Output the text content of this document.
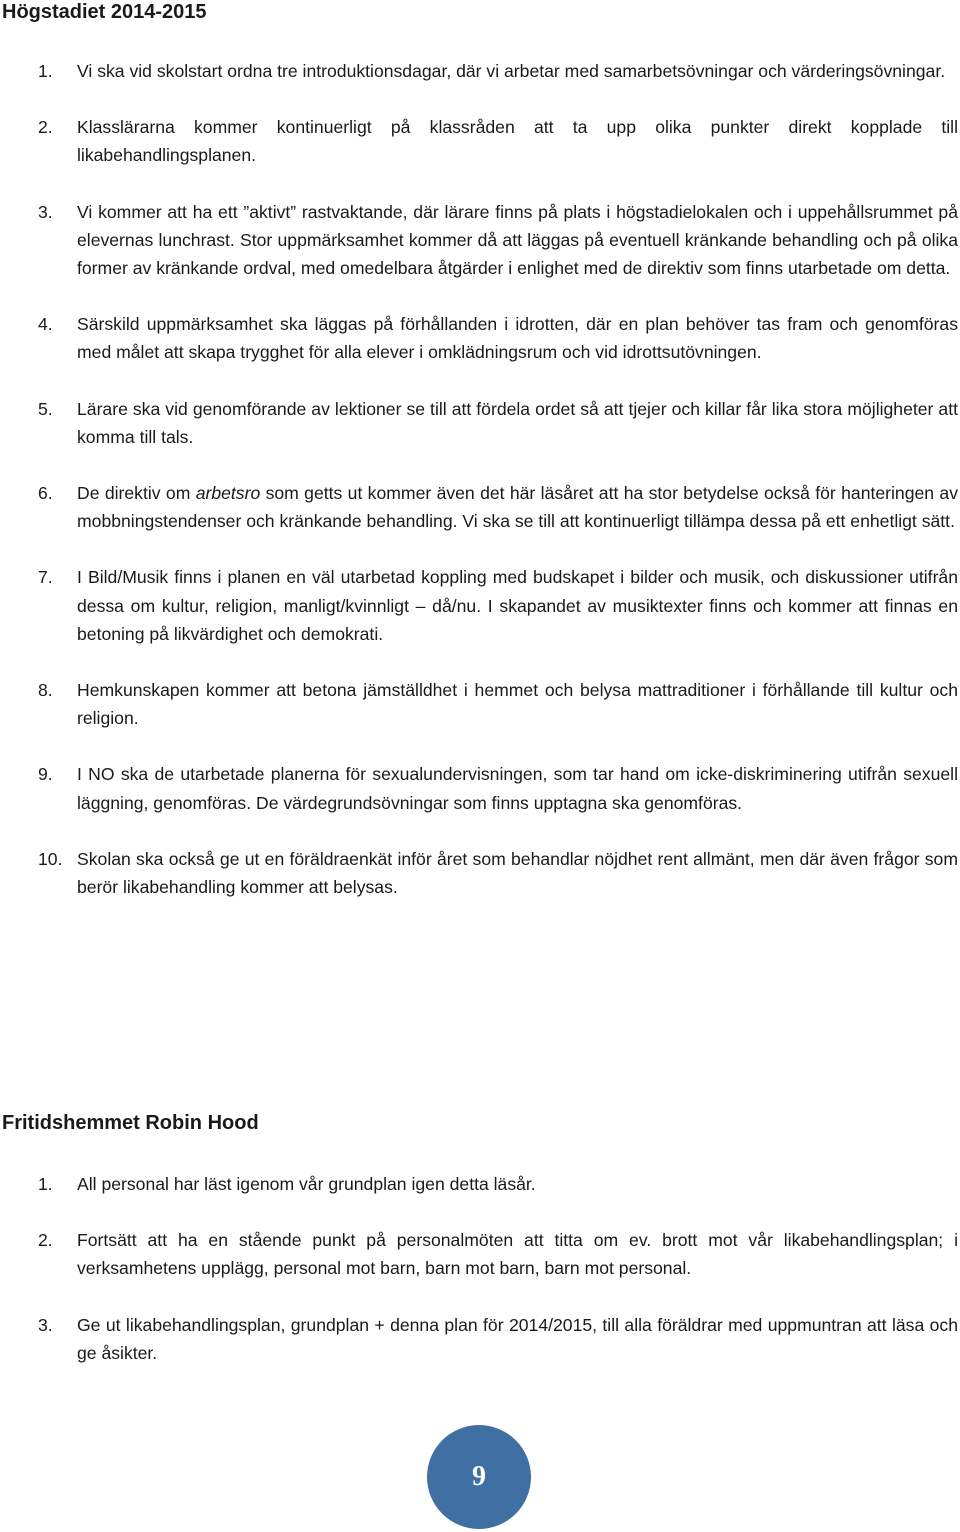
Högstadiet 2014-2015
1. Vi ska vid skolstart ordna tre introduktionsdagar, där vi arbetar med samarbetsövningar och värderingsövningar.
2. Klasslärarna kommer kontinuerligt på klassråden att ta upp olika punkter direkt kopplade till likabehandlingsplanen.
3. Vi kommer att ha ett ”aktivt” rastvaktande, där lärare finns på plats i högstadielokalen och i uppehållsrummet på elevernas lunchrast. Stor uppmärksamhet kommer då att läggas på eventuell kränkande behandling och på olika former av kränkande ordval, med omedelbara åtgärder i enlighet med de direktiv som finns utarbetade om detta.
4. Särskild uppmärksamhet ska läggas på förhållanden i idrotten, där en plan behöver tas fram och genomföras med målet att skapa trygghet för alla elever i omklädningsrum och vid idrottsutövningen.
5. Lärare ska vid genomförande av lektioner se till att fördela ordet så att tjejer och killar får lika stora möjligheter att komma till tals.
6. De direktiv om arbetsro som getts ut kommer även det här läsåret att ha stor betydelse också för hanteringen av mobbningstendenser och kränkande behandling. Vi ska se till att kontinuerligt tillämpa dessa på ett enhetligt sätt.
7. I Bild/Musik finns i planen en väl utarbetad koppling med budskapet i bilder och musik, och diskussioner utifrån dessa om kultur, religion, manligt/kvinnligt – då/nu. I skapandet av musiktexter finns och kommer att finnas en betoning på likvärdighet och demokrati.
8. Hemkunskapen kommer att betona jämställdhet i hemmet och belysa mattraditioner i förhållande till kultur och religion.
9. I NO ska de utarbetade planerna för sexualundervisningen, som tar hand om icke-diskriminering utifrån sexuell läggning, genomföras. De värdegrundsövningar som finns upptagna ska genomföras.
10. Skolan ska också ge ut en föräldraenkät inför året som behandlar nöjdhet rent allmänt, men där även frågor som berör likabehandling kommer att belysas.
Fritidshemmet Robin Hood
1. All personal har läst igenom vår grundplan igen detta läsår.
2. Fortsätt att ha en stående punkt på personalmöten att titta om ev. brott mot vår likabehandlingsplan; i verksamhetens upplägg, personal mot barn, barn mot barn, barn mot personal.
3. Ge ut likabehandlingsplan, grundplan + denna plan för 2014/2015, till alla föräldrar med uppmuntran att läsa och ge åsikter.
9
